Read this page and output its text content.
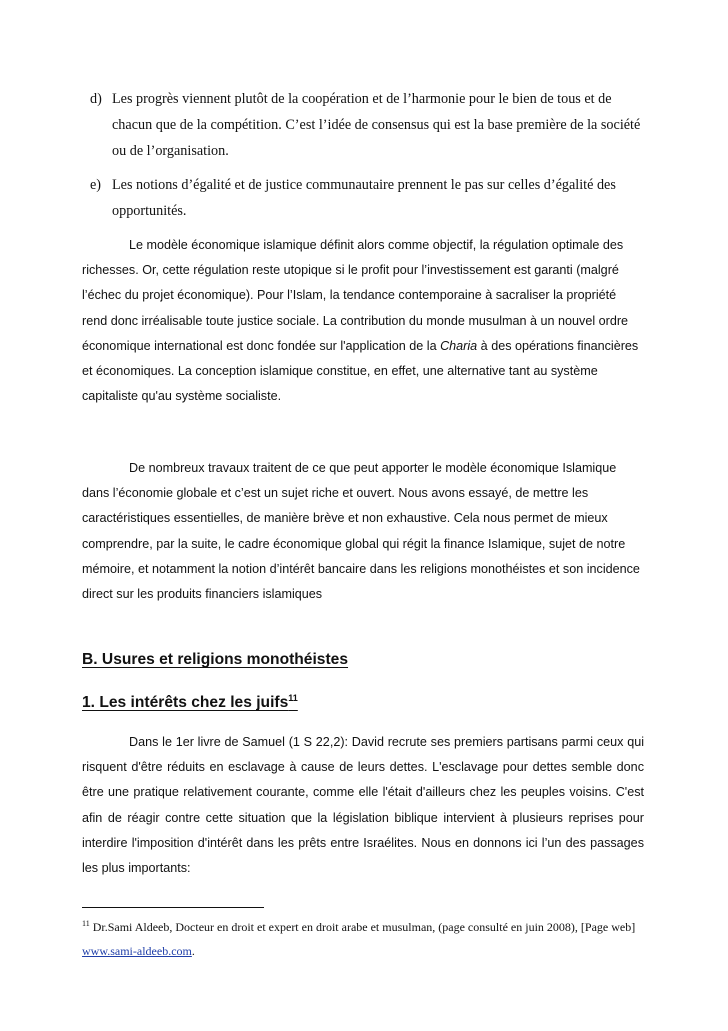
d) Les progrès viennent plutôt de la coopération et de l’harmonie pour le bien de tous et de chacun que de la compétition. C’est l’idée de consensus qui est la base première de la société ou de l’organisation.
e) Les notions d’égalité et de justice communautaire prennent le pas sur celles d’égalité des opportunités.

Le modèle économique islamique définit alors comme objectif, la régulation optimale des richesses. Or, cette régulation reste utopique si le profit pour l’investissement est garanti (malgré l’échec du projet économique). Pour l’Islam, la tendance contemporaine à sacraliser la propriété rend donc irréalisable toute justice sociale. La contribution du monde musulman à un nouvel ordre économique international est donc fondée sur l'application de la Charia à des opérations financières et économiques. La conception islamique constitue, en effet, une alternative tant au système capitaliste qu'au système socialiste.

De nombreux travaux traitent de ce que peut apporter le modèle économique Islamique dans l’économie globale et c’est un sujet riche et ouvert. Nous avons essayé, de mettre les caractéristiques essentielles, de manière brève et non exhaustive. Cela nous permet de mieux comprendre, par la suite, le cadre économique global qui régit la finance Islamique, sujet de notre mémoire, et notamment la notion d’intérêt bancaire dans les religions monothéistes et son incidence direct sur les produits financiers islamiques

B. Usures et religions monothéistes
1. Les intérêts chez les juifs$^{11}$

Dans le 1er livre de Samuel (1 S 22,2): David recrute ses premiers partisans parmi ceux qui risquent d'être réduits en esclavage à cause de leurs dettes. L'esclavage pour dettes semble donc être une pratique relativement courante, comme elle l'était d'ailleurs chez les peuples voisins. C'est afin de réagir contre cette situation que la législation biblique intervient à plusieurs reprises pour interdire l'imposition d'intérêt dans les prêts entre Israélites. Nous en donnons ici l’un des passages les plus importants:

$^{11}$ Dr.Sami Aldeeb, Docteur en droit et expert en droit arabe et musulman, (page consulté en juin 2008), [Page web] www.sami-aldeeb.com.
